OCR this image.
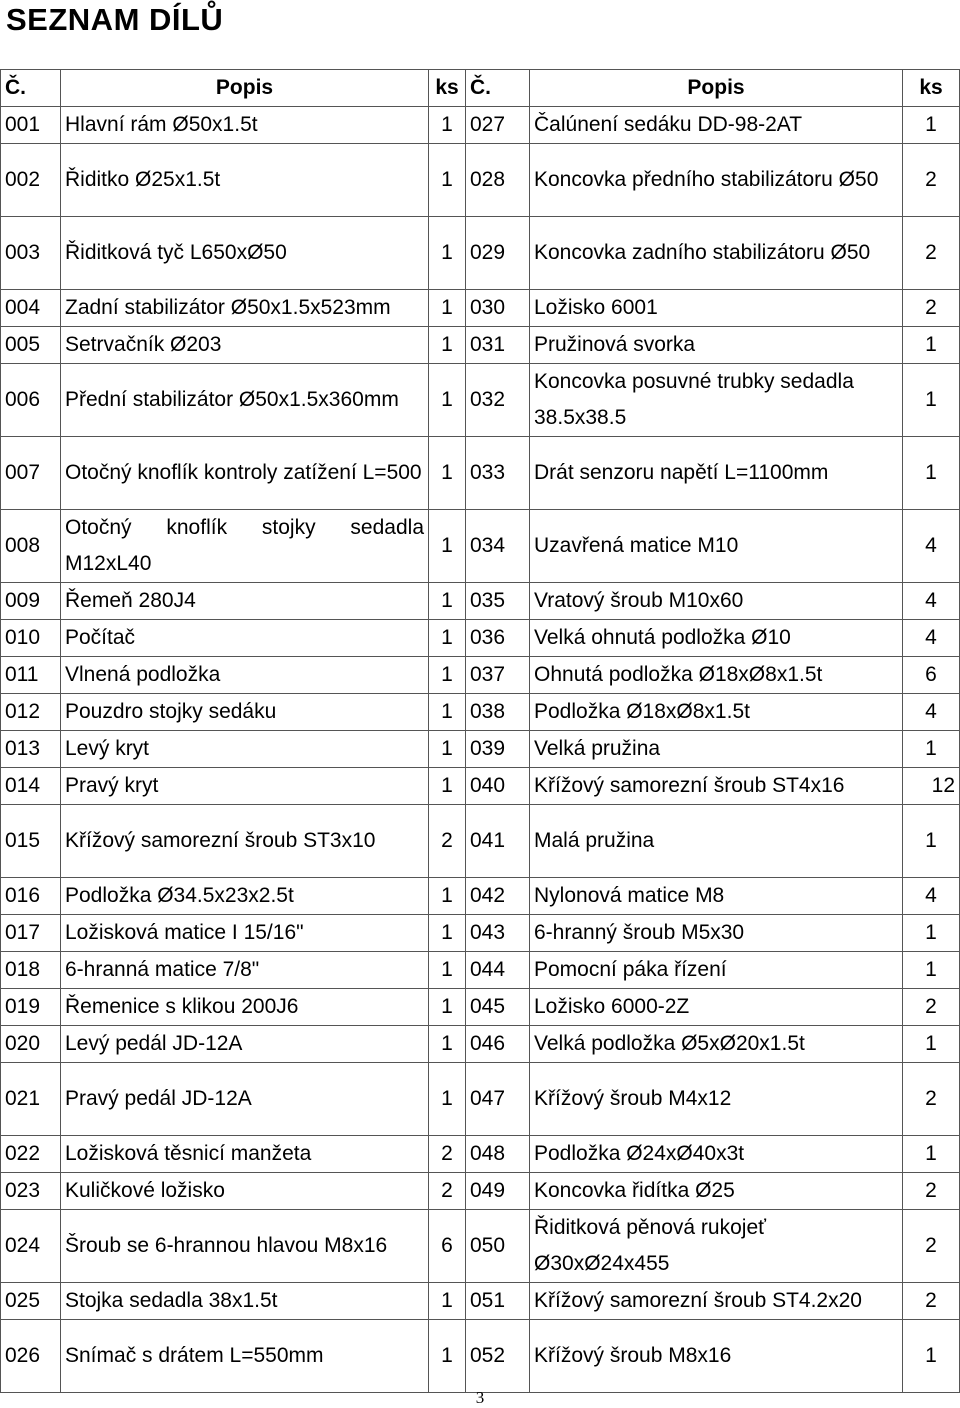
SEZNAM DÍLŮ
Č.	Popis	ks	Č.	Popis	ks
001	Hlavní rám Ø50x1.5t	1	027	Čalúnení sedáku DD-98-2AT	1
002	Řiditko Ø25x1.5t	1	028	Koncovka předního stabilizátoru Ø50	2
003	Řiditková tyč L650xØ50	1	029	Koncovka zadního stabilizátoru Ø50	2
004	Zadní stabilizátor Ø50x1.5x523mm	1	030	Ložisko 6001	2
005	Setrvačník Ø203	1	031	Pružinová svorka	1
006	Přední stabilizátor Ø50x1.5x360mm	1	032	Koncovka posuvné trubky sedadla 38.5x38.5	1
007	Otočný knoflík kontroly zatížení L=500	1	033	Drát senzoru napětí L=1100mm	1
008	Otočný knoflík stojky sedadla M12xL40	1	034	Uzavřená matice M10	4
009	Řemeň 280J4	1	035	Vratový šroub M10x60	4
010	Počítač	1	036	Velká ohnutá podložka Ø10	4
011	Vlnená podložka	1	037	Ohnutá podložka Ø18xØ8x1.5t	6
012	Pouzdro stojky sedáku	1	038	Podložka Ø18xØ8x1.5t	4
013	Levý kryt	1	039	Velká pružina	1
014	Pravý kryt	1	040	Křížový samorezní šroub ST4x16	12
015	Křížový samorezní šroub ST3x10	2	041	Malá pružina	1
016	Podložka Ø34.5x23x2.5t	1	042	Nylonová matice M8	4
017	Ložisková matice I 15/16"	1	043	6-hranný šroub M5x30	1
018	6-hranná matice 7/8"	1	044	Pomocní páka řízení	1
019	Řemenice s klikou 200J6	1	045	Ložisko 6000-2Z	2
020	Levý pedál JD-12A	1	046	Velká podložka Ø5xØ20x1.5t	1
021	Pravý pedál JD-12A	1	047	Křížový šroub M4x12	2
022	Ložisková těsnicí manžeta	2	048	Podložka Ø24xØ40x3t	1
023	Kuličkové ložisko	2	049	Koncovka řidítka Ø25	2
024	Šroub se 6-hrannou hlavou M8x16	6	050	Řiditková pěnová rukojeť Ø30xØ24x455	2
025	Stojka sedadla 38x1.5t	1	051	Křížový samorezní šroub ST4.2x20	2
026	Snímač s drátem L=550mm	1	052	Křížový šroub M8x16	1
3
